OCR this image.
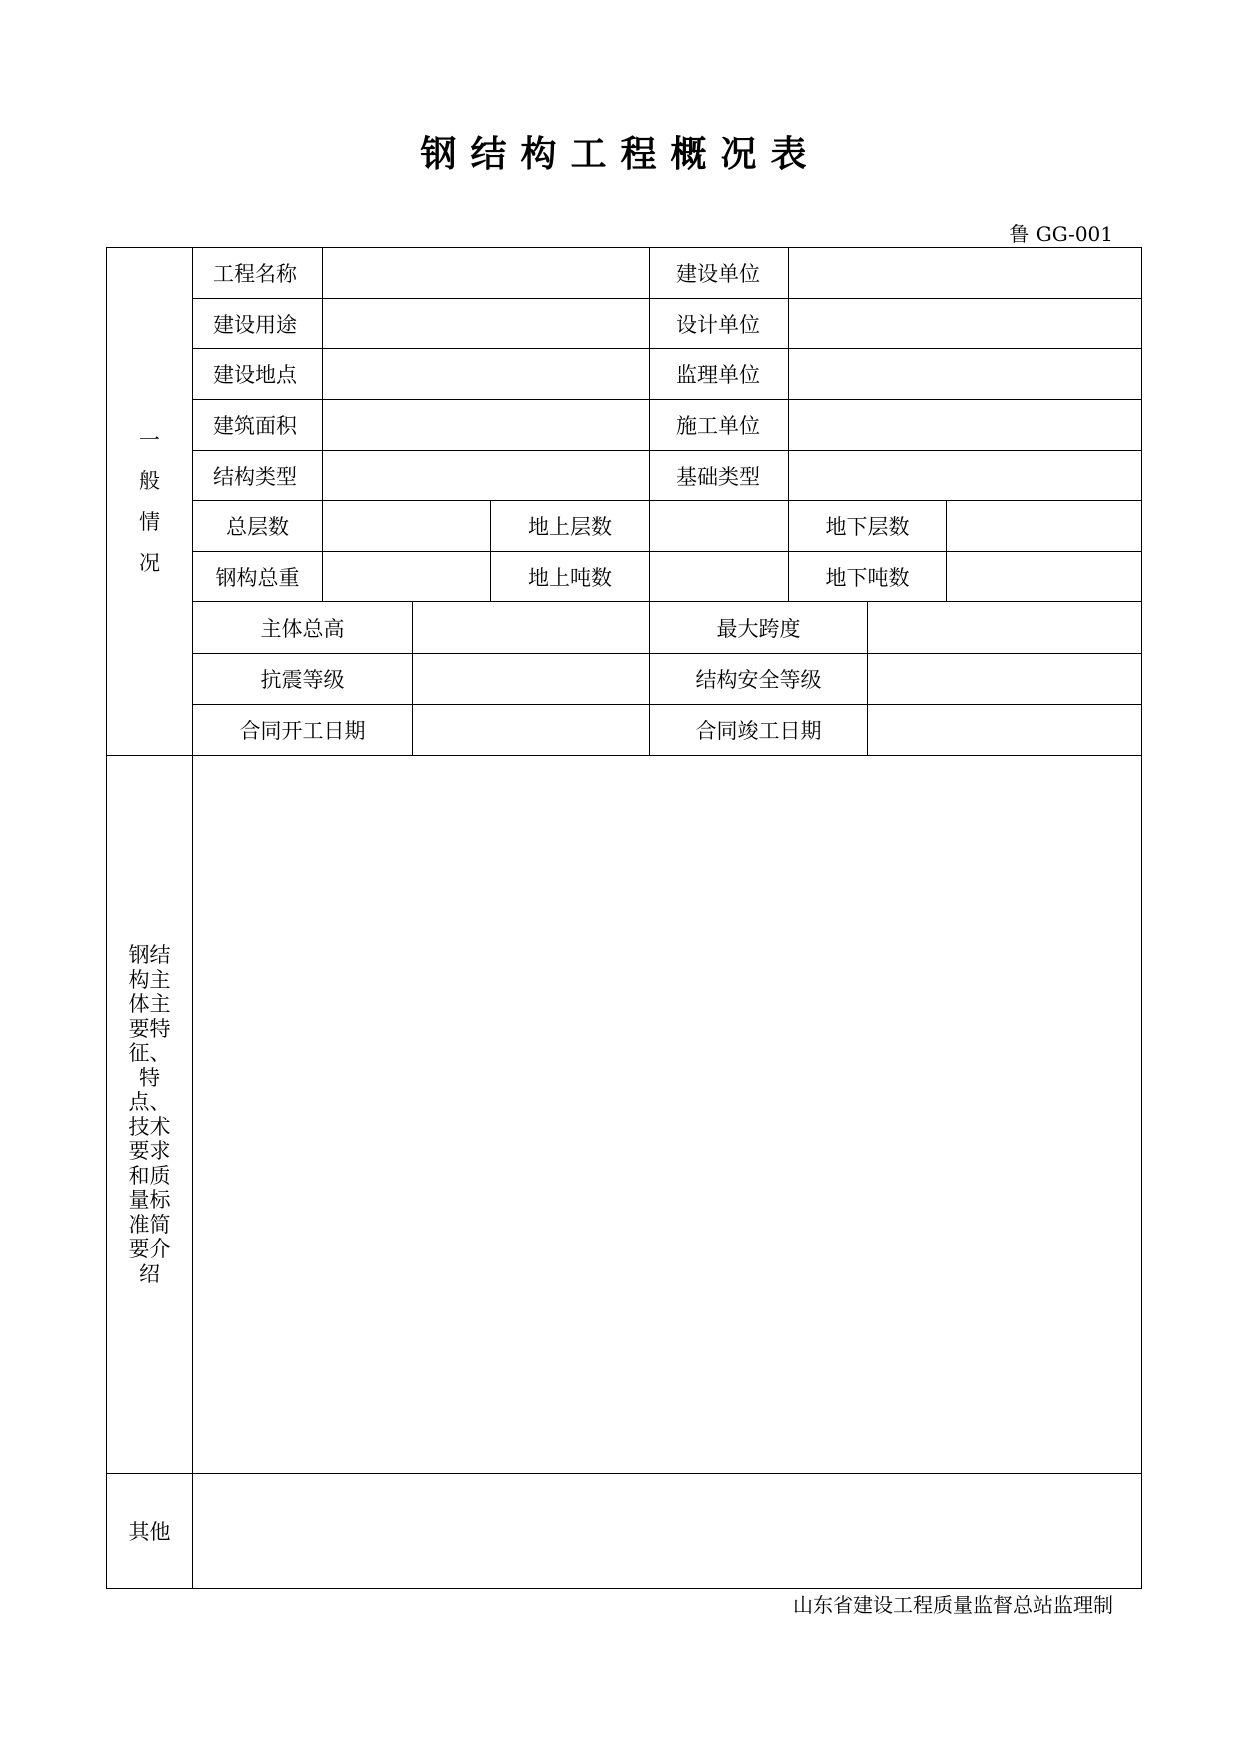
钢结构工程概况表
鲁 GG-001
一
般
情
况
工程名称	建设单位
建设用途	设计单位
建设地点	监理单位
建筑面积	施工单位
结构类型	基础类型
总层数	地上层数	地下层数
钢构总重	地上吨数	地下吨数
主体总高	最大跨度
抗震等级	结构安全等级
合同开工日期	合同竣工日期
钢结构主体主要特征、特点、技术要求和质量标准简要介绍
其他
山东省建设工程质量监督总站监理制
